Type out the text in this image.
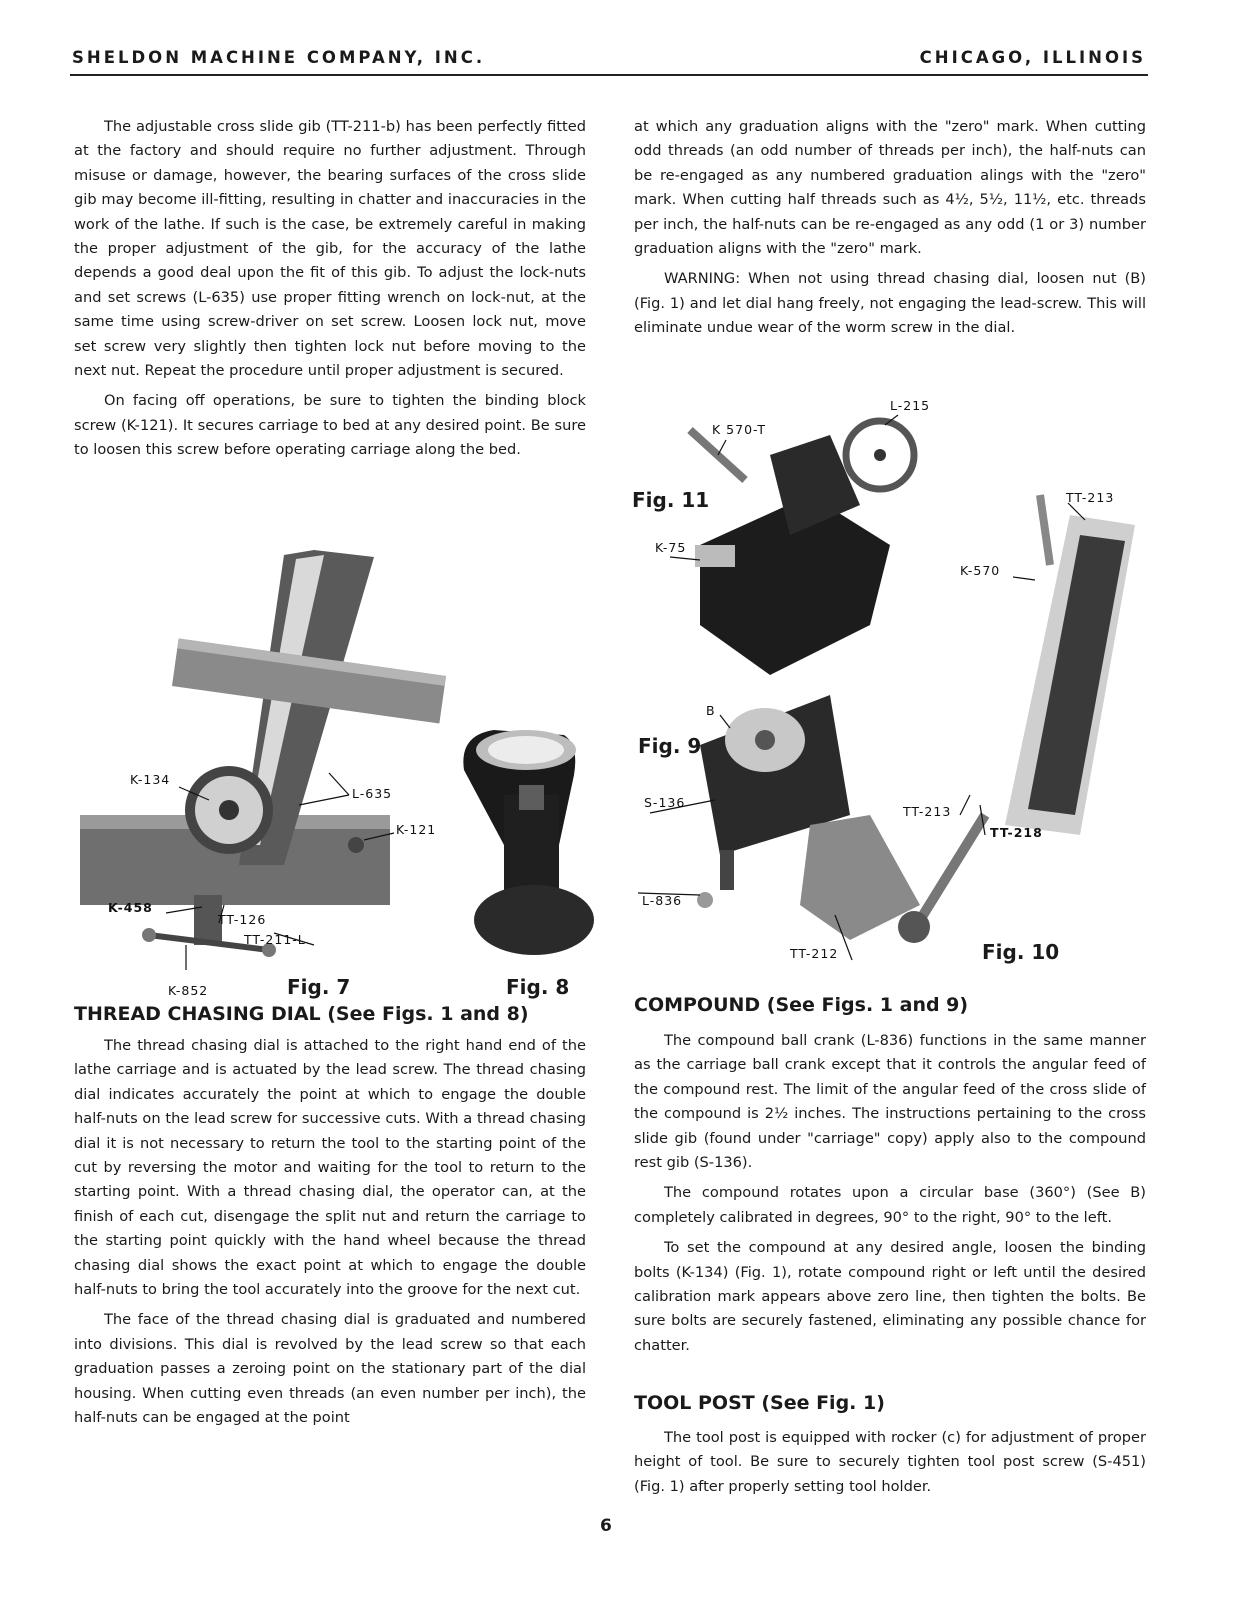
SHELDON MACHINE COMPANY, INC.	CHICAGO, ILLINOIS

The adjustable cross slide gib (TT-211-b) has been perfectly fitted at the factory and should require no further adjustment. Through misuse or damage, however, the bearing surfaces of the cross slide gib may become ill-fitting, resulting in chatter and inaccuracies in the work of the lathe. If such is the case, be extremely careful in making the proper adjustment of the gib, for the accuracy of the lathe depends a good deal upon the fit of this gib. To adjust the lock-nuts and set screws (L-635) use proper fitting wrench on lock-nut, at the same time using screw-driver on set screw. Loosen lock nut, move set screw very slightly then tighten lock nut before moving to the next nut. Repeat the procedure until proper adjustment is secured.

On facing off operations, be sure to tighten the binding block screw (K-121). It secures carriage to bed at any desired point. Be sure to loosen this screw before operating carriage along the bed.

K-134
L-635
K-121
K-458
TT-126
TT-211-L
K-852	Fig. 7	Fig. 8
THREAD CHASING DIAL (See Figs. 1 and 8)

The thread chasing dial is attached to the right hand end of the lathe carriage and is actuated by the lead screw. The thread chasing dial indicates accurately the point at which to engage the double half-nuts on the lead screw for successive cuts. With a thread chasing dial it is not necessary to return the tool to the starting point of the cut by reversing the motor and waiting for the tool to return to the starting point. With a thread chasing dial, the operator can, at the finish of each cut, disengage the split nut and return the carriage to the starting point quickly with the hand wheel because the thread chasing dial shows the exact point at which to engage the double half-nuts to bring the tool accurately into the groove for the next cut.

The face of the thread chasing dial is graduated and numbered into divisions. This dial is revolved by the lead screw so that each graduation passes a zeroing point on the stationary part of the dial housing. When cutting even threads (an even number per inch), the half-nuts can be engaged at the point

at which any graduation aligns with the "zero" mark. When cutting odd threads (an odd number of threads per inch), the half-nuts can be re-engaged as any numbered graduation alings with the "zero" mark. When cutting half threads such as 4½, 5½, 11½, etc. threads per inch, the half-nuts can be re-engaged as any odd (1 or 3) number graduation aligns with the "zero" mark.

WARNING: When not using thread chasing dial, loosen nut (B) (Fig. 1) and let dial hang freely, not engaging the lead-screw. This will eliminate undue wear of the worm screw in the dial.

K 570-T
L-215
K-75
Fig. 11	TT-213
K-570
Fig. 9
B
S-136
L-836
TT-213
TT-218
TT-212	Fig. 10
COMPOUND (See Figs. 1 and 9)

The compound ball crank (L-836) functions in the same manner as the carriage ball crank except that it controls the angular feed of the compound rest. The limit of the angular feed of the cross slide of the compound is 2½ inches. The instructions pertaining to the cross slide gib (found under "carriage" copy) apply also to the compound rest gib (S-136).

The compound rotates upon a circular base (360°) (See B) completely calibrated in degrees, 90° to the right, 90° to the left.

To set the compound at any desired angle, loosen the binding bolts (K-134) (Fig. 1), rotate compound right or left until the desired calibration mark appears above zero line, then tighten the bolts. Be sure bolts are securely fastened, eliminating any possible chance for chatter.

TOOL POST (See Fig. 1)

The tool post is equipped with rocker (c) for adjustment of proper height of tool. Be sure to securely tighten tool post screw (S-451) (Fig. 1) after properly setting tool holder.

6
